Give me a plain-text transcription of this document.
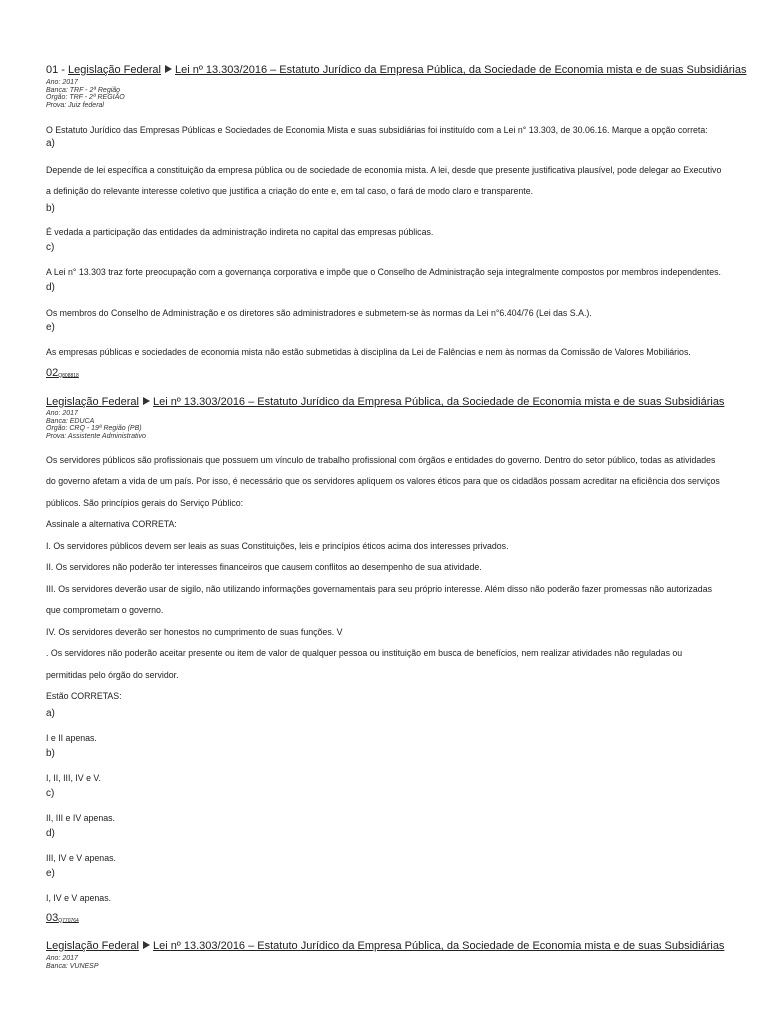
01 - Legislação Federal Lei nº 13.303/2016 – Estatuto Jurídico da Empresa Pública, da Sociedade de Economia mista e de suas Subsidiárias
Ano: 2017
Banca: TRF - 2ª Região
Orgão: TRF - 2ª REGIÃO
Prova: Juiz federal
O Estatuto Jurídico das Empresas Públicas e Sociedades de Economia Mista e suas subsidiárias foi instituído com a Lei n° 13.303, de 30.06.16. Marque a opção correta:
a)
Depende de lei específica a constituição da empresa pública ou de sociedade de economia mista. A lei, desde que presente justificativa plausível, pode delegar ao Executivo
a definição do relevante interesse coletivo que justifica a criação do ente e, em tal caso, o fará de modo claro e transparente.
b)
É vedada a participação das entidades da administração indireta no capital das empresas públicas.
c)
A Lei n° 13.303 traz forte preocupação com a governança corporativa e impõe que o Conselho de Administração seja integralmente compostos por membros independentes.
d)
Os membros do Conselho de Administração e os diretores são administradores e submetem-se às normas da Lei n°6.404/76 (Lei das S.A.).
e)
As empresas públicas e sociedades de economia mista não estão submetidas à disciplina da Lei de Falências e nem às normas da Comissão de Valores Mobiliários.
02Q808818
Legislação Federal Lei nº 13.303/2016 – Estatuto Jurídico da Empresa Pública, da Sociedade de Economia mista e de suas Subsidiárias
Ano: 2017
Banca: EDUCA
Orgão: CRQ - 19ª Região (PB)
Prova: Assistente Administrativo
Os servidores públicos são profissionais que possuem um vínculo de trabalho profissional com órgãos e entidades do governo. Dentro do setor público, todas as atividades
do governo afetam a vida de um país. Por isso, é necessário que os servidores apliquem os valores éticos para que os cidadãos possam acreditar na eficiência dos serviços
públicos. São princípios gerais do Serviço Público:
Assinale a alternativa CORRETA:
I. Os servidores públicos devem ser leais as suas Constituições, leis e princípios éticos acima dos interesses privados.
II. Os servidores não poderão ter interesses financeiros que causem conflitos ao desempenho de sua atividade.
III. Os servidores deverão usar de sigilo, não utilizando informações governamentais para seu próprio interesse. Além disso não poderão fazer promessas não autorizadas
que comprometam o governo.
IV. Os servidores deverão ser honestos no cumprimento de suas funções. V
. Os servidores não poderão aceitar presente ou item de valor de qualquer pessoa ou instituição em busca de benefícios, nem realizar atividades não reguladas ou
permitidas pelo órgão do servidor.
Estão CORRETAS:
a)
I e II apenas.
b)
I, II, III, IV e V.
c)
II, III e IV apenas.
d)
III, IV e V apenas.
e)
I, IV e V apenas.
03Q770764
Legislação Federal Lei nº 13.303/2016 – Estatuto Jurídico da Empresa Pública, da Sociedade de Economia mista e de suas Subsidiárias
Ano: 2017
Banca: VUNESP
